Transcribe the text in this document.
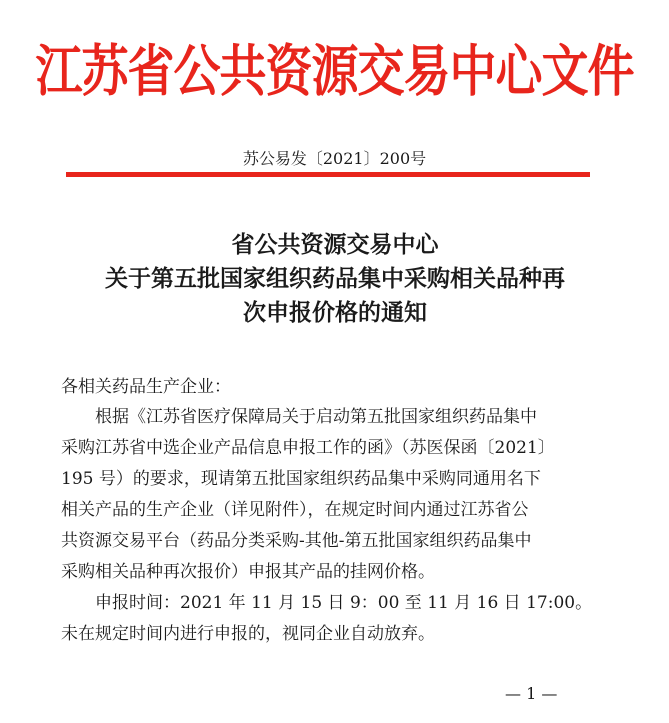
江苏省公共资源交易中心文件
苏公易发〔2021〕200号
省公共资源交易中心
关于第五批国家组织药品集中采购相关品种再
次申报价格的通知
各相关药品生产企业：
根据《江苏省医疗保障局关于启动第五批国家组织药品集中
采购江苏省中选企业产品信息申报工作的函》（苏医保函〔2021〕
195 号）的要求，现请第五批国家组织药品集中采购同通用名下
相关产品的生产企业（详见附件），在规定时间内通过江苏省公
共资源交易平台（药品分类采购-其他-第五批国家组织药品集中
采购相关品种再次报价）申报其产品的挂网价格。
申报时间：2021 年 11 月 15 日 9：00 至 11 月 16 日 17:00。
未在规定时间内进行申报的，视同企业自动放弃。
— 1 —
